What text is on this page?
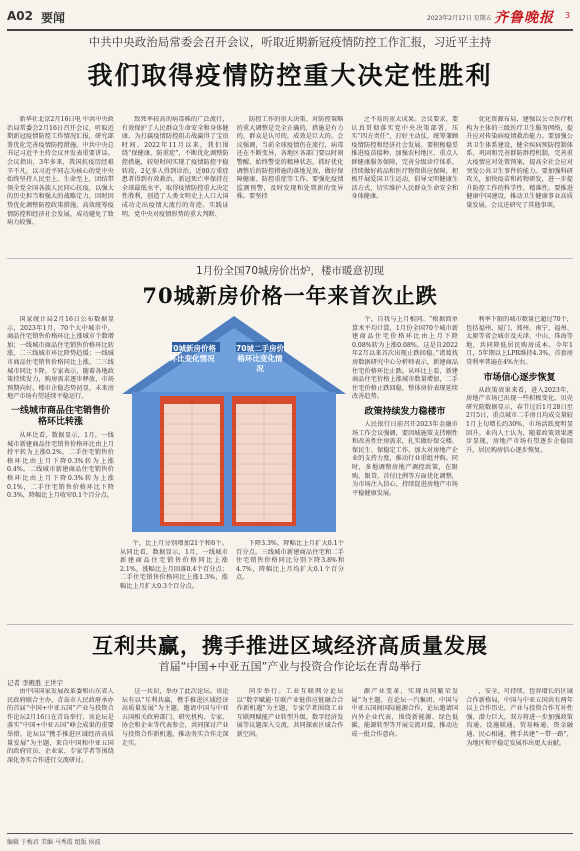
A02 要闻	2023年2月17日 星期五 齐鲁晚报 3
中共中央政治局常委会召开会议，听取近期新冠疫情防控工作汇报，习近平主持
我们取得疫情防控重大决定性胜利

新华社北京2月16日电 中共中央政治局常委会2月16日召开会议，听取近期新冠疫情防控工作情况汇报，研究部署优化完善疫情防控措施。中共中央总书记习近平主持会议并发表重要讲话。会议指出，3年多来，我国抗疫历经艰辛不凡，以习近平同志为核心的党中央始终坚持人民至上、生命至上，团结带领全党全国各族人民同心抗疫，以强大的历史担当和强大的战略定力，因时因势优化调整防控政策措施，高效统筹疫情防控和经济社会发展，成功避免了致病力较强、

致死率较高的病毒株的广泛流行，有效保护了人民群众生命安全和身体健康，为打赢疫情防控阻击战赢得了宝贵时间。2022年11月以来，我们围绕“保健康、防重症”，不断优化调整防控措施，较短时间实现了疫情防控平稳转段，2亿多人得到诊治，近80万重症患者得到有效救治，新冠死亡率保持在全球最低水平，取得疫情防控重大决定性胜利，创造了人类文明史上人口大国成功走出疫情大流行的奇迹。实践证明，党中央对疫情形势的重大判断、

防控工作的重大决策、对防控策略的重大调整是完全正确的，措施是有力的，群众是认可的，成效是巨大的。会议强调，当前全球疫情仍在流行，病毒还在不断变异，各地区各部门要以时刻警醒、始终警觉的精神状态，抓好优化调整后的防控措施的落地见效，做好保障健康、防控重症等工作。要强化疫情监测预警，及时发现和处置新的变异株。要坚持

之不易的重大成果。会议要求，要认真贯彻落实党中央决策部署，压实“四方责任”，打好主动仗，统筹兼顾疫情防控和经济社会发展。要积极稳妥推进疫苗接种，加强农村地区、重点人群健康服务保障，完善分级诊疗体系，持续做好药品和医疗物资供应保障，积极开展爱国卫生运动，倡导文明健康生活方式，切实维护人民群众生命安全和身体健康。

优化资源布局，建强以公立医疗机构为主体的三级医疗卫生服务网络，提升应对传染病疫情救治能力。要加强公共卫生体系建设，健全疾病预防控制体系，巩固和完善群防群控机制，完善重大疫情应对处置预案，提高全社会应对突发公共卫生事件的能力。要加强科研攻关，加快疫苗和药物研发，进一步提升防控工作的科学性、精准性。要推进健康中国建设，推动卫生健康事业高质量发展。会议还研究了其他事项。

1月份全国70城房价出炉，楼市暖意初现
70城新房价格一年来首次止跌

国家统计局2月16日公布数据显示，2023年1月，70个大中城市中，商品住宅销售价格环比上涨城市个数增加；一线城市商品住宅销售价格环比转涨，二三线城市环比降势趋缓；一线城市商品住宅销售价格同比上涨，二三线城市同比下降。专家表示，随着各地政策持续发力，购房需求逐步释放，市场预期向好，楼市企稳态势初显，未来房地产市场有望延续平稳运行。

一线城市商品住宅销售价格环比转涨

从环比看，数据显示，1月，一线城市新建商品住宅销售价格环比由上月持平转为上涨0.2%，二手住宅销售价格环比由上月下降0.3%转为上涨0.4%。二线城市新建商品住宅销售价格环比由上月下降0.3%转为上涨0.1%，二手住宅销售价格环比下降0.3%，降幅比上月收窄0.1个百分点。

70城新房价格环比变化情况
70城二手房价格环比变化情况

个，比上月分别增加21个和6个。从同比看，数据显示，1月，一线城市新建商品住宅销售价格同比上涨2.1%，涨幅比上月回落0.4个百分点；二手住宅销售价格同比上涨1.3%，涨幅比上月扩大0.3个百分点。

下降3.3%，降幅比上月扩大0.1个百分点。三线城市新建商品住宅和二手住宅销售价格同比分别下降3.8%和4.7%，降幅比上月均扩大0.1个百分点。

个，自我与上月相同。“根据简单算术平均计算，1月份全国70个城市新建商品住宅价格环比由上月下降0.08%转为上涨0.08%，这是自2022年2月以来首次出现止跌回稳。”诸葛找房数据研究中心分析师表示，新建商品住宅价格环比止跌。从环比上看，新建商品住宅价格上涨城市数量增加，二手住宅价格止跌回稳，整体房价表现延续改善趋势。

政策持续发力稳楼市

人民银行日前召开2023年金融市场工作会议强调，要因城施策支持刚性和改善性住房需求，扎实做好保交楼、保民生、保稳定工作，加大对房地产企业的支持力度，推动行业重组并购。同时，多地调整房地产调控政策，在限购、限贷、首付比例等方面优化调整，为市场注入信心，持续促进房地产市场平稳健康发展。

利率下限的城市数量已超过70个，包括福州、厦门、郑州、南宁、福州、太原等省会城市及天津、中山、珠海等地，共同降低居民购房成本。今年1月，5年期以上LPR维持4.3%，首套房贷利率普遍在4%左右。

市场信心逐步恢复

从政策效果来看，进入2023年，房地产市场已出现一些积极变化。贝壳研究院数据显示，春节过后1月28日至2月5日，重点城市二手房日均成交量较1月上旬增长约30%，市场活跃度明显回升。业内人士认为，随着政策效果逐步显现，房地产市场有望逐步企稳回升，居民购房信心逐步恢复。

互利共赢，携手推进区域经济高质量发展
首届“中国+中亚五国”产业与投资合作论坛在青岛举行
记者 李殿胜 王世宇

由中国国家发展改革委和山东省人民政府联合主办，青岛市人民政府承办的首届“中国+中亚五国”产业与投资合作论坛2月16日在青岛举行。该论坛是落实“中国+中亚五国”峰会成果的重要举措。论坛以“携手推进区域经济高质量发展”为主题，来自中国和中亚五国的政府官员、企业家、专家学者等围绕深化务实合作进行交流研讨。

这一共识，举办了此次论坛。该论坛有以“互利共赢，携手推进区域经济高质量发展”为主题，邀请中国与中亚五国相关政府部门、研究机构、专家、协会和企业等代表参会，共同探讨产业与投资合作新机遇，推动务实合作走深走实。

同步举行。工业互联网分论坛以“数字赋能·互联产业链供应链融合合作新机遇”为主题，专家学者围绕工业互联网赋能产业转型升级、数字经济发展等议题深入交流，共同探索区域合作新空间。

源产业变革，实现共同繁荣发展”为主题，在论坛一汽集团、中国与中亚五国间国际能源合作，论坛邀请国内外企业代表，围绕新能源、绿色低碳、能源转型等开展交流对接，推动达成一批合作意向。

，安全、可持续、包容增长的区域合作新格局，中国与中亚五国共有两年以上合作历史，产业与投资合作互补性强、潜力巨大，双方将进一步加强政策沟通、设施联通、贸易畅通、资金融通、民心相通，携手共建“一带一路”，为地区和平稳定发展作出更大贡献。

编辑 于梅君 美编 马秀霞 组版 侯波
